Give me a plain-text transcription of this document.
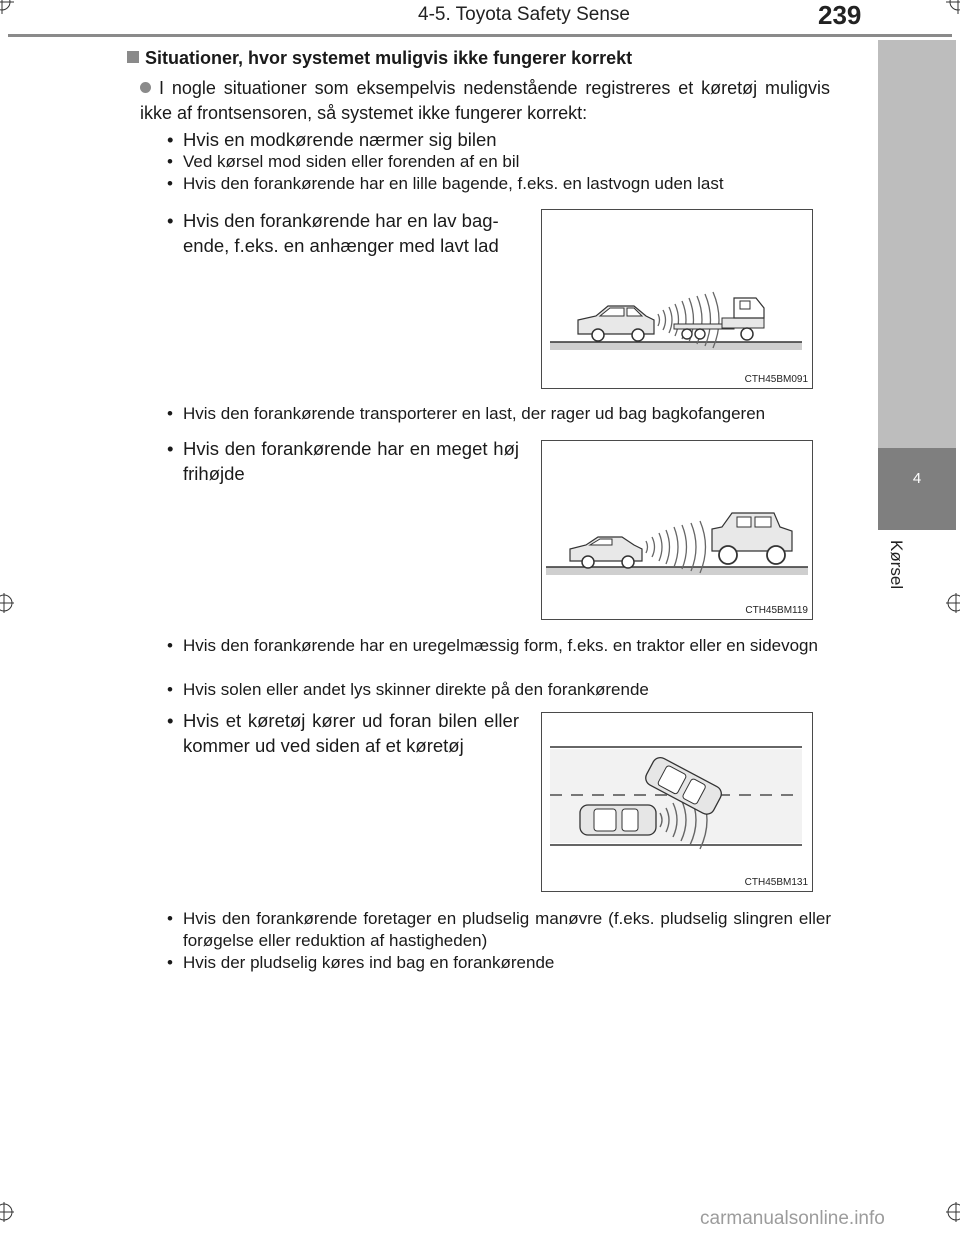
4-5. Toyota Safety Sense	239
4
Kørsel
Situationer, hvor systemet muligvis ikke fungerer korrekt
I nogle situationer som eksempelvis nedenstående registreres et køretøj muligvis ikke af frontsensoren, så systemet ikke fungerer korrekt:
• Hvis en modkørende nærmer sig bilen
• Ved kørsel mod siden eller forenden af en bil
• Hvis den forankørende har en lille bagende, f.eks. en lastvogn uden last
• Hvis den forankørende har en lav bag-
ende, f.eks. en anhænger med lavt lad
CTH45BM091
• Hvis den forankørende transporterer en last, der rager ud bag bagkofangeren
• Hvis den forankørende har en meget høj frihøjde
CTH45BM119
• Hvis den forankørende har en uregelmæssig form, f.eks. en traktor eller en sidevogn
• Hvis solen eller andet lys skinner direkte på den forankørende
• Hvis et køretøj kører ud foran bilen eller kommer ud ved siden af et køretøj
CTH45BM131
• Hvis den forankørende foretager en pludselig manøvre (f.eks. pludselig slingren eller forøgelse eller reduktion af hastigheden)
• Hvis der pludselig køres ind bag en forankørende
carmanualsonline.info
